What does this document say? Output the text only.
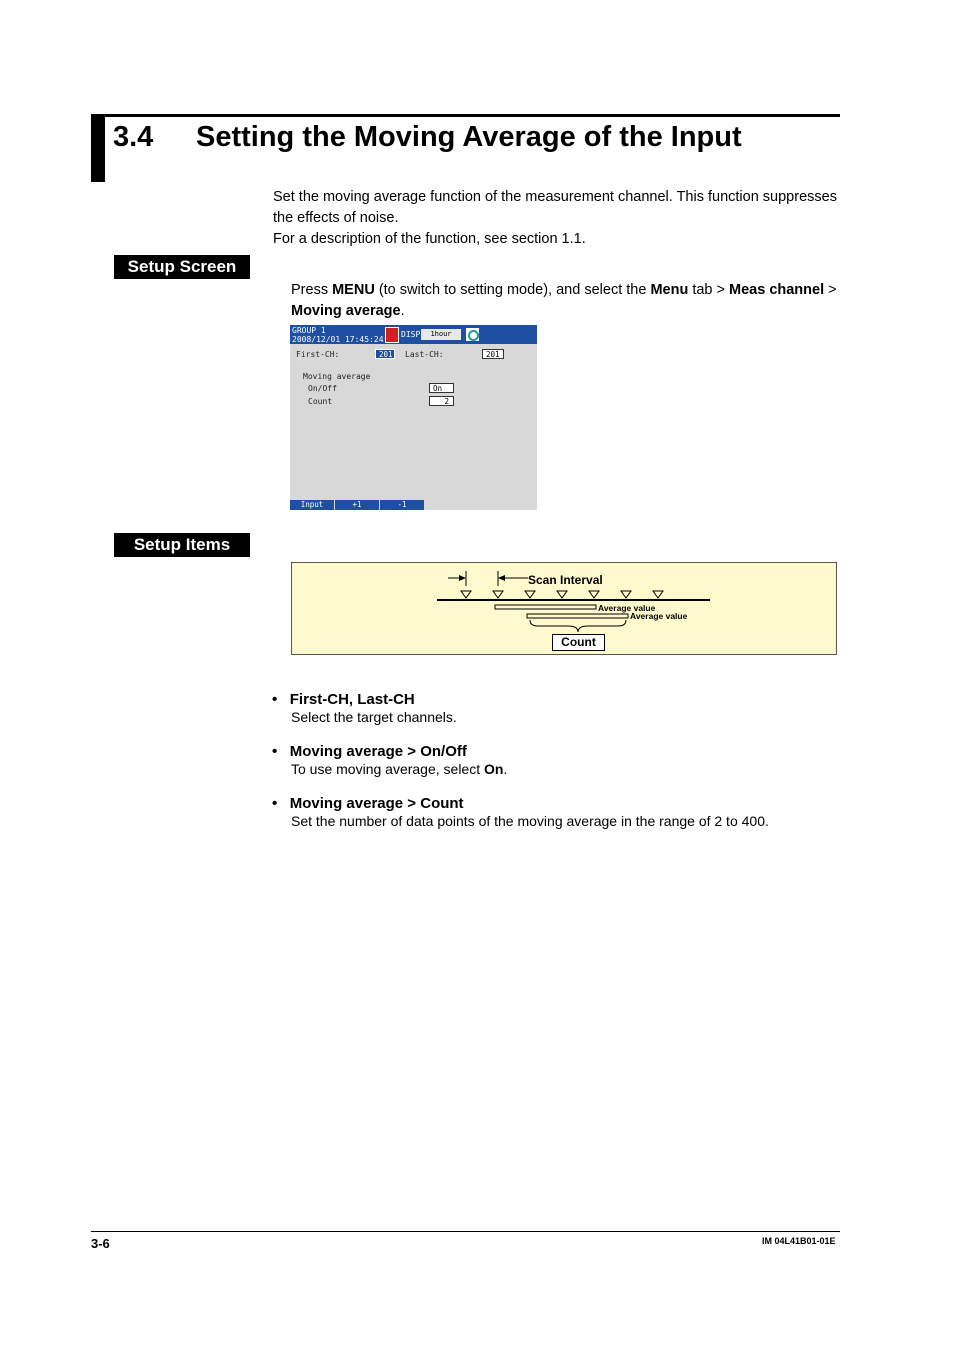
3.4 Setting the Moving Average of the Input
Set the moving average function of the measurement channel. This function suppresses
the effects of noise.
For a description of the function, see section 1.1.
Setup Screen
Press MENU (to switch to setting mode), and select the Menu tab > Meas channel >
Moving average.
GROUP 1
2008/12/01 17:45:24
DISP	1hour
First-CH:	201	Last-CH:	201
Moving average
On/Off	On
Count	2
Input	+1	-1
Setup Items
Scan Interval
Average value
Average value
Count
•   First-CH, Last-CH
Select the target channels.
•   Moving average > On/Off
To use moving average, select On.
•   Moving average > Count
Set the number of data points of the moving average in the range of 2 to 400.
3-6	IM 04L41B01-01E
